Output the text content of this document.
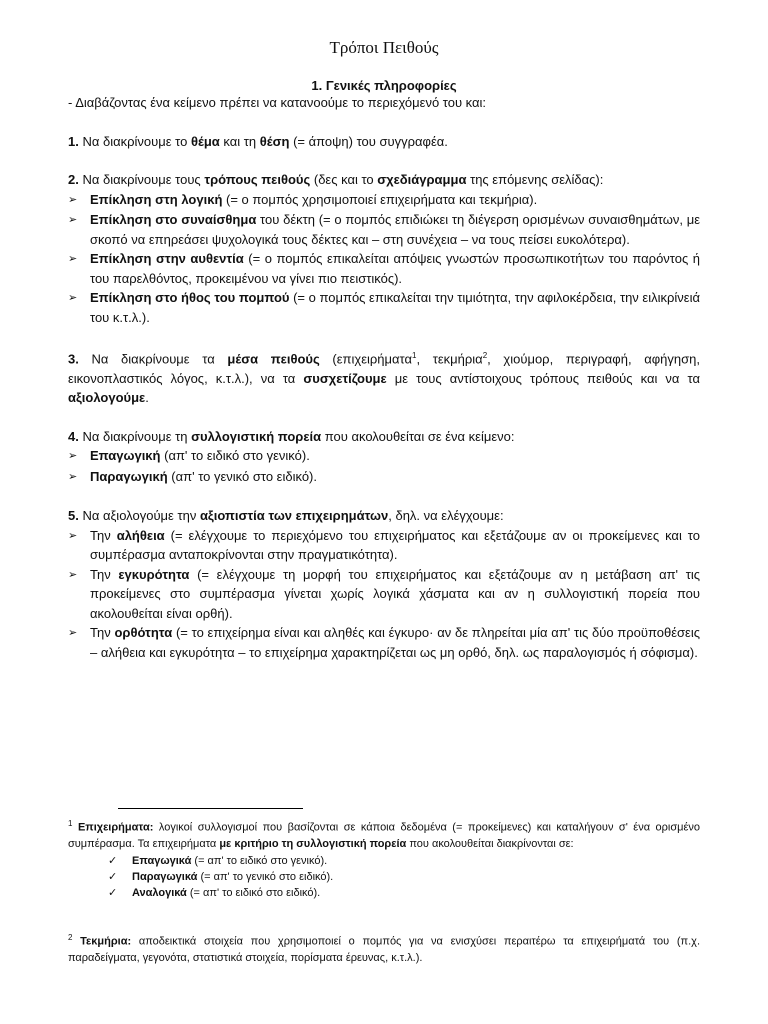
Τρόποι Πειθούς
1. Γενικές πληροφορίες

- Διαβάζοντας ένα κείμενο πρέπει να κατανοούμε το περιεχόμενό του και:

1. Να διακρίνουμε το θέμα και τη θέση (= άποψη) του συγγραφέα.

2. Να διακρίνουμε τους τρόπους πειθούς (δες και το σχεδιάγραμμα της επόμενης σελίδας):

➢ Επίκληση στη λογική (= ο πομπός χρησιμοποιεί επιχειρήματα και τεκμήρια).
➢ Επίκληση στο συναίσθημα του δέκτη (= ο πομπός επιδιώκει τη διέγερση ορισμένων συναισθημάτων, με σκοπό να επηρεάσει ψυχολογικά τους δέκτες και – στη συνέχεια – να τους πείσει ευκολότερα).
➢ Επίκληση στην αυθεντία (= ο πομπός επικαλείται απόψεις γνωστών προσωπικοτήτων του παρόντος ή του παρελθόντος, προκειμένου να γίνει πιο πειστικός).
➢ Επίκληση στο ήθος του πομπού (= ο πομπός επικαλείται την τιμιότητα, την αφιλοκέρδεια, την ειλικρίνειά του κ.τ.λ.).

3. Να διακρίνουμε τα μέσα πειθούς (επιχειρήματα$^1$, τεκμήρια$^2$, χιούμορ, περιγραφή, αφήγηση, εικονοπλαστικός λόγος, κ.τ.λ.), να τα συσχετίζουμε με τους αντίστοιχους τρόπους πειθούς και να τα αξιολογούμε.

4. Να διακρίνουμε τη συλλογιστική πορεία που ακολουθείται σε ένα κείμενο:

➢ Επαγωγική (απ' το ειδικό στο γενικό).
➢ Παραγωγική (απ' το γενικό στο ειδικό).

5. Να αξιολογούμε την αξιοπιστία των επιχειρημάτων, δηλ. να ελέγχουμε:

➢ Την αλήθεια (= ελέγχουμε το περιεχόμενο του επιχειρήματος και εξετάζουμε αν οι προκείμενες και το συμπέρασμα ανταποκρίνονται στην πραγματικότητα).
➢ Την εγκυρότητα (= ελέγχουμε τη μορφή του επιχειρήματος και εξετάζουμε αν η μετάβαση απ' τις προκείμενες στο συμπέρασμα γίνεται χωρίς λογικά χάσματα και αν η συλλογιστική πορεία που ακολουθείται είναι ορθή).
➢ Την ορθότητα (= το επιχείρημα είναι και αληθές και έγκυρο· αν δε πληρείται μία απ' τις δύο προϋποθέσεις – αλήθεια και εγκυρότητα – το επιχείρημα χαρακτηρίζεται ως μη ορθό, δηλ. ως παραλογισμός ή σόφισμα).
$^1$ Επιχειρήματα: λογικοί συλλογισμοί που βασίζονται σε κάποια δεδομένα (= προκείμενες) και καταλήγουν σ' ένα ορισμένο συμπέρασμα. Τα επιχειρήματα με κριτήριο τη συλλογιστική πορεία που ακολουθείται διακρίνονται σε:
✓	Επαγωγικά (= απ' το ειδικό στο γενικό).
✓	Παραγωγικά (= απ' το γενικό στο ειδικό).
✓	Αναλογικά (= απ' το ειδικό στο ειδικό).
$^2$ Τεκμήρια: αποδεικτικά στοιχεία που χρησιμοποιεί ο πομπός για να ενισχύσει περαιτέρω τα επιχειρήματά του (π.χ. παραδείγματα, γεγονότα, στατιστικά στοιχεία, πορίσματα έρευνας, κ.τ.λ.).
